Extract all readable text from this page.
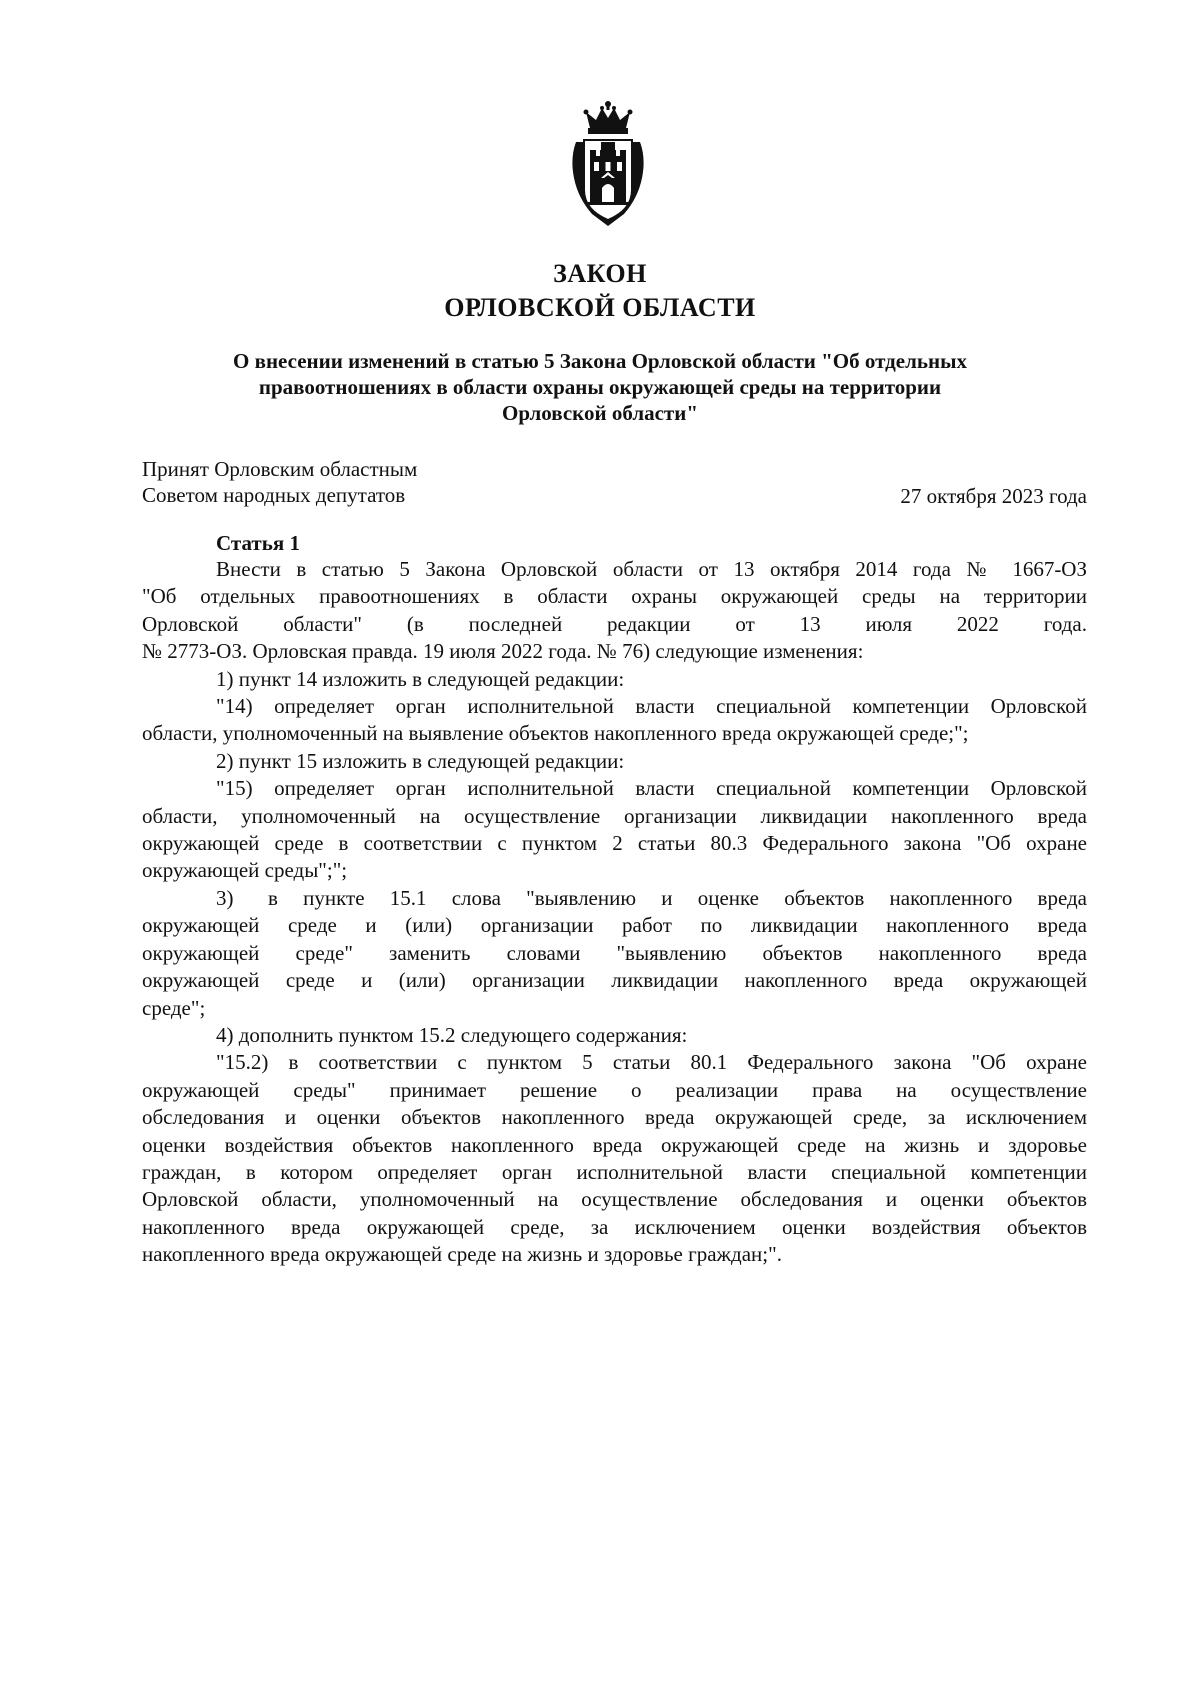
ЗАКОН
ОРЛОВСКОЙ ОБЛАСТИ
О внесении изменений в статью 5 Закона Орловской области "Об отдельных
правоотношениях в области охраны окружающей среды на территории
Орловской области"
Принят Орловским областным
Советом народных депутатов	27 октября 2023 года
Статья 1
Внести в статью 5 Закона Орловской области от 13 октября 2014 года № 1667-ОЗ
"Об отдельных правоотношениях в области охраны окружающей среды на территории
Орловской области" (в последней редакции от 13 июля 2022 года.
№ 2773-ОЗ. Орловская правда. 19 июля 2022 года. № 76) следующие изменения:
1) пункт 14 изложить в следующей редакции:
"14) определяет орган исполнительной власти специальной компетенции Орловской
области, уполномоченный на выявление объектов накопленного вреда окружающей среде;";
2) пункт 15 изложить в следующей редакции:
"15) определяет орган исполнительной власти специальной компетенции Орловской
области, уполномоченный на осуществление организации ликвидации накопленного вреда
окружающей среде в соответствии с пунктом 2 статьи 80.3 Федерального закона "Об охране
окружающей среды";";
3)	в пункте 15.1 слова "выявлению и оценке объектов накопленного вреда
окружающей среде и (или) организации работ по ликвидации накопленного вреда
окружающей среде" заменить словами "выявлению объектов накопленного вреда
окружающей среде и (или) организации ликвидации накопленного вреда окружающей
среде";
4) дополнить пунктом 15.2 следующего содержания:
"15.2) в соответствии с пунктом 5 статьи 80.1 Федерального закона "Об охране
окружающей среды" принимает решение о реализации права на осуществление
обследования и оценки объектов накопленного вреда окружающей среде, за исключением
оценки воздействия объектов накопленного вреда окружающей среде на жизнь и здоровье
граждан, в котором определяет орган исполнительной власти специальной компетенции
Орловской области, уполномоченный на осуществление обследования и оценки объектов
накопленного вреда окружающей среде, за исключением оценки воздействия объектов
накопленного вреда окружающей среде на жизнь и здоровье граждан;".
